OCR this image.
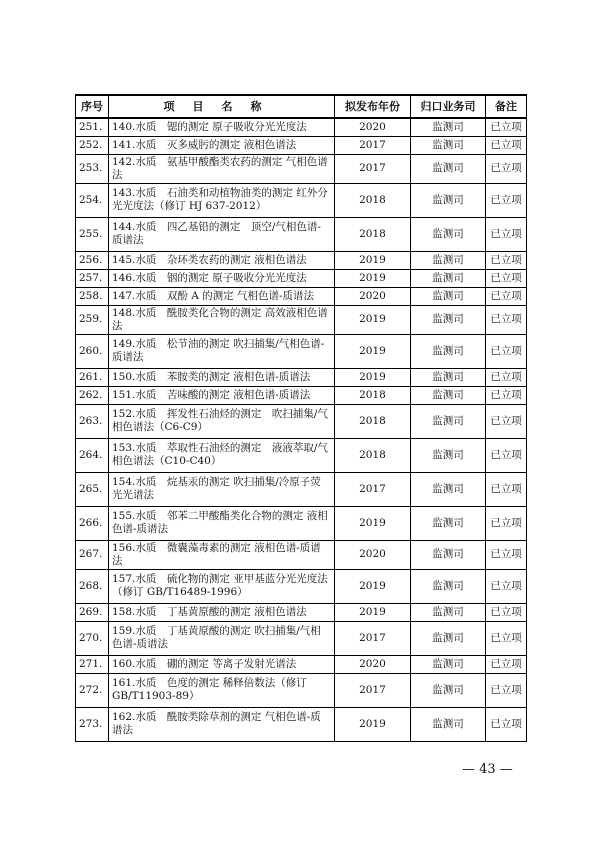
序号	项目名称	拟发布年份	归口业务司	备注
251.	140.水质　锶的测定 原子吸收分光光度法	2020	监测司	已立项
252.	141.水质　灭多威肟的测定 液相色谱法	2017	监测司	已立项
253.	142.水质　氨基甲酸酯类农药的测定 气相色谱法	2017	监测司	已立项
254.	143.水质　石油类和动植物油类的测定 红外分光光度法（修订 HJ 637-2012）	2018	监测司	已立项
255.	144.水质　四乙基铅的测定　顶空/气相色谱-质谱法	2018	监测司	已立项
256.	145.水质　杂环类农药的测定 液相色谱法	2019	监测司	已立项
257.	146.水质　铟的测定 原子吸收分光光度法	2019	监测司	已立项
258.	147.水质　双酚 A 的测定 气相色谱-质谱法	2020	监测司	已立项
259.	148.水质　酰胺类化合物的测定 高效液相色谱法	2019	监测司	已立项
260.	149.水质　松节油的测定 吹扫捕集/气相色谱-质谱法	2019	监测司	已立项
261.	150.水质　苯胺类的测定 液相色谱-质谱法	2019	监测司	已立项
262.	151.水质　苦味酸的测定 液相色谱-质谱法	2018	监测司	已立项
263.	152.水质　挥发性石油烃的测定　吹扫捕集/气相色谱法（C6-C9）	2018	监测司	已立项
264.	153.水质　萃取性石油烃的测定　液液萃取/气相色谱法（C10-C40）	2018	监测司	已立项
265.	154.水质　烷基汞的测定 吹扫捕集/冷原子荧光光谱法	2017	监测司	已立项
266.	155.水质　邻苯二甲酸酯类化合物的测定 液相色谱-质谱法	2019	监测司	已立项
267.	156.水质　微囊藻毒素的测定 液相色谱-质谱法	2020	监测司	已立项
268.	157.水质　硫化物的测定 亚甲基蓝分光光度法（修订 GB/T16489-1996）	2019	监测司	已立项
269.	158.水质　丁基黄原酸的测定 液相色谱法	2019	监测司	已立项
270.	159.水质　丁基黄原酸的测定 吹扫捕集/气相色谱-质谱法	2017	监测司	已立项
271.	160.水质　硼的测定 等离子发射光谱法	2020	监测司	已立项
272.	161.水质　色度的测定 稀释倍数法（修订 GB/T11903-89）	2017	监测司	已立项
273.	162.水质　酰胺类除草剂的测定 气相色谱-质谱法	2019	监测司	已立项
— 43 —
